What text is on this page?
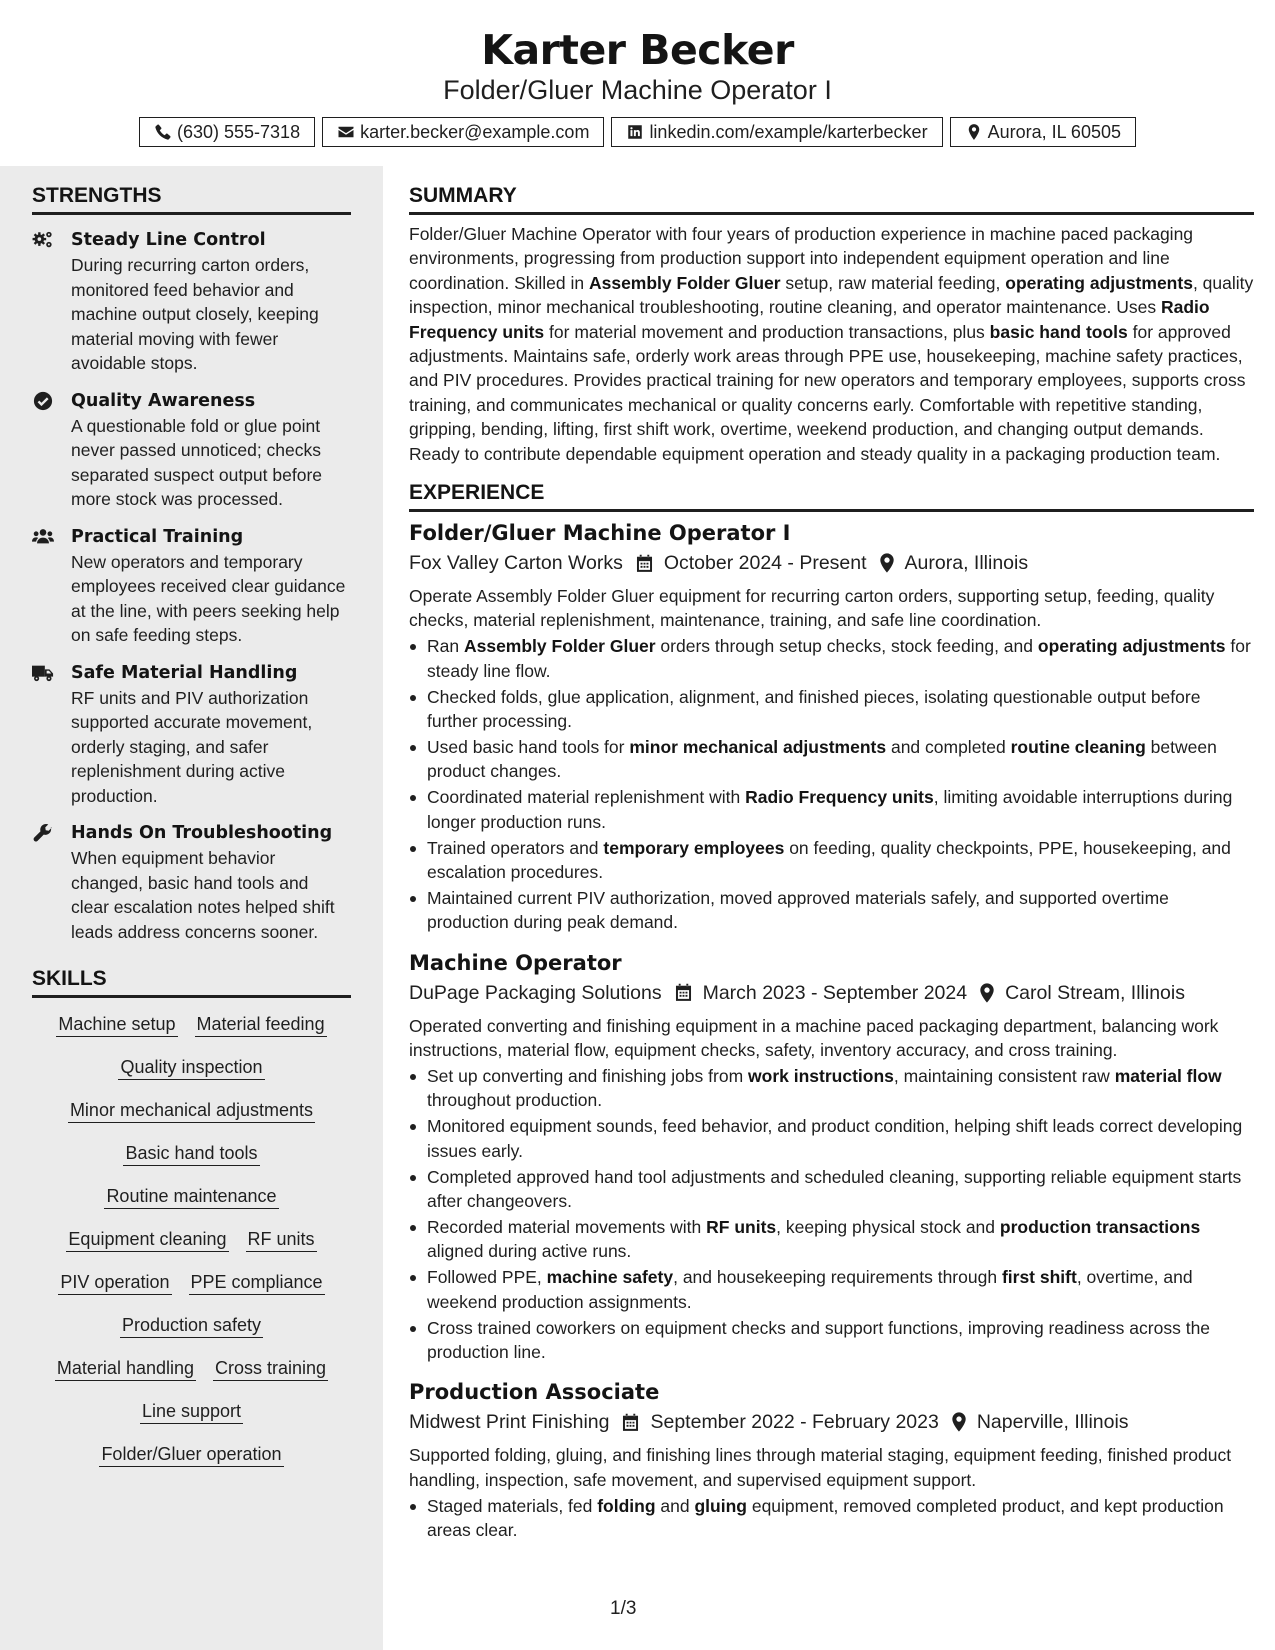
Karter Becker
Folder/Gluer Machine Operator I
(630) 555-7318	karter.becker@example.com	linkedin.com/example/karterbecker	Aurora, IL 60505
STRENGTHS
Steady Line Control
During recurring carton orders, monitored feed behavior and machine output closely, keeping material moving with fewer avoidable stops.
Quality Awareness
A questionable fold or glue point never passed unnoticed; checks separated suspect output before more stock was processed.
Practical Training
New operators and temporary employees received clear guidance at the line, with peers seeking help on safe feeding steps.
Safe Material Handling
RF units and PIV authorization supported accurate movement, orderly staging, and safer replenishment during active production.
Hands On Troubleshooting
When equipment behavior changed, basic hand tools and clear escalation notes helped shift leads address concerns sooner.
SKILLS
Machine setup Material feeding
Quality inspection
Minor mechanical adjustments
Basic hand tools
Routine maintenance
Equipment cleaning RF units
PIV operation PPE compliance
Production safety
Material handling Cross training
Line support
Folder/Gluer operation
SUMMARY
Folder/Gluer Machine Operator with four years of production experience in machine paced packaging environments, progressing from production support into independent equipment operation and line coordination. Skilled in Assembly Folder Gluer setup, raw material feeding, operating adjustments, quality inspection, minor mechanical troubleshooting, routine cleaning, and operator maintenance. Uses Radio Frequency units for material movement and production transactions, plus basic hand tools for approved adjustments. Maintains safe, orderly work areas through PPE use, housekeeping, machine safety practices, and PIV procedures. Provides practical training for new operators and temporary employees, supports cross training, and communicates mechanical or quality concerns early. Comfortable with repetitive standing, gripping, bending, lifting, first shift work, overtime, weekend production, and changing output demands. Ready to contribute dependable equipment operation and steady quality in a packaging production team.
EXPERIENCE
Folder/Gluer Machine Operator I
Fox Valley Carton Works October 2024 - Present Aurora, Illinois
Operate Assembly Folder Gluer equipment for recurring carton orders, supporting setup, feeding, quality checks, material replenishment, maintenance, training, and safe line coordination.
Ran Assembly Folder Gluer orders through setup checks, stock feeding, and operating adjustments for steady line flow.
Checked folds, glue application, alignment, and finished pieces, isolating questionable output before further processing.
Used basic hand tools for minor mechanical adjustments and completed routine cleaning between product changes.
Coordinated material replenishment with Radio Frequency units, limiting avoidable interruptions during longer production runs.
Trained operators and temporary employees on feeding, quality checkpoints, PPE, housekeeping, and escalation procedures.
Maintained current PIV authorization, moved approved materials safely, and supported overtime production during peak demand.
Machine Operator
DuPage Packaging Solutions March 2023 - September 2024 Carol Stream, Illinois
Operated converting and finishing equipment in a machine paced packaging department, balancing work instructions, material flow, equipment checks, safety, inventory accuracy, and cross training.
Set up converting and finishing jobs from work instructions, maintaining consistent raw material flow throughout production.
Monitored equipment sounds, feed behavior, and product condition, helping shift leads correct developing issues early.
Completed approved hand tool adjustments and scheduled cleaning, supporting reliable equipment starts after changeovers.
Recorded material movements with RF units, keeping physical stock and production transactions aligned during active runs.
Followed PPE, machine safety, and housekeeping requirements through first shift, overtime, and weekend production assignments.
Cross trained coworkers on equipment checks and support functions, improving readiness across the production line.
Production Associate
Midwest Print Finishing September 2022 - February 2023 Naperville, Illinois
Supported folding, gluing, and finishing lines through material staging, equipment feeding, finished product handling, inspection, safe movement, and supervised equipment support.
Staged materials, fed folding and gluing equipment, removed completed product, and kept production areas clear.
1/3
